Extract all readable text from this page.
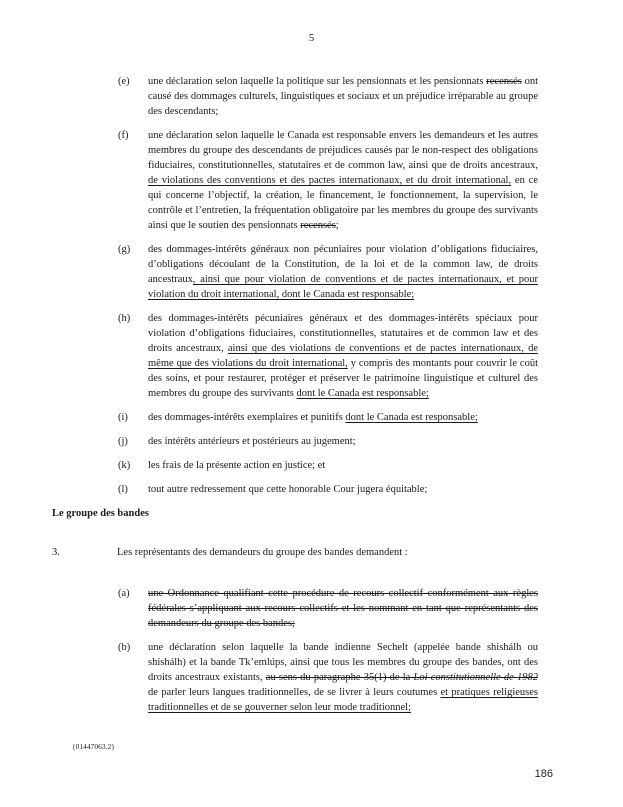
5
(e)	une déclaration selon laquelle la politique sur les pensionnats et les pensionnats recensés ont causé des dommages culturels, linguistiques et sociaux et un préjudice irréparable au groupe des descendants;
(f)	une déclaration selon laquelle le Canada est responsable envers les demandeurs et les autres membres du groupe des descendants de préjudices causés par le non-respect des obligations fiduciaires, constitutionnelles, statutaires et de common law, ainsi que de droits ancestraux, de violations des conventions et des pactes internationaux, et du droit international, en ce qui concerne l’objectif, la création, le financement, le fonctionnement, la supervision, le contrôle et l’entretien, la fréquentation obligatoire par les membres du groupe des survivants ainsi que le soutien des pensionnats recensés;
(g)	des dommages-intérêts généraux non pécuniaires pour violation d’obligations fiduciaires, d’obligations découlant de la Constitution, de la loi et de la common law, de droits ancestraux, ainsi que pour violation de conventions et de pactes internationaux, et pour violation du droit international, dont le Canada est responsable;
(h)	des dommages-intérêts pécuniaires généraux et des dommages-intérêts spéciaux pour violation d’obligations fiduciaires, constitutionnelles, statutaires et de common law et des droits ancestraux, ainsi que des violations de conventions et de pactes internationaux, de même que des violations du droit international, y compris des montants pour couvrir le coût des soins, et pour restaurer, protéger et préserver le patrimoine linguistique et culturel des membres du groupe des survivants dont le Canada est responsable;
(i)	des dommages-intérêts exemplaires et punitifs dont le Canada est responsable;
(j)	des intérêts antérieurs et postérieurs au jugement;
(k)	les frais de la présente action en justice; et
(l)	tout autre redressement que cette honorable Cour jugera équitable;
Le groupe des bandes
3.	Les représentants des demandeurs du groupe des bandes demandent :
(a)	une Ordonnance qualifiant cette procédure de recours collectif conformément aux règles fédérales s’appliquant aux recours collectifs et les nommant en tant que représentants des demandeurs du groupe des bandes;
(b)	une déclaration selon laquelle la bande indienne Sechelt (appelée bande shishálh ou shíshálh) et la bande Tk’emlúps, ainsi que tous les membres du groupe des bandes, ont des droits ancestraux existants, au sens du paragraphe 35(1) de la Loi constitutionnelle de 1982 de parler leurs langues traditionnelles, de se livrer à leurs coutumes et pratiques religieuses traditionnelles et de se gouverner selon leur mode traditionnel;
{01447063.2}
186
